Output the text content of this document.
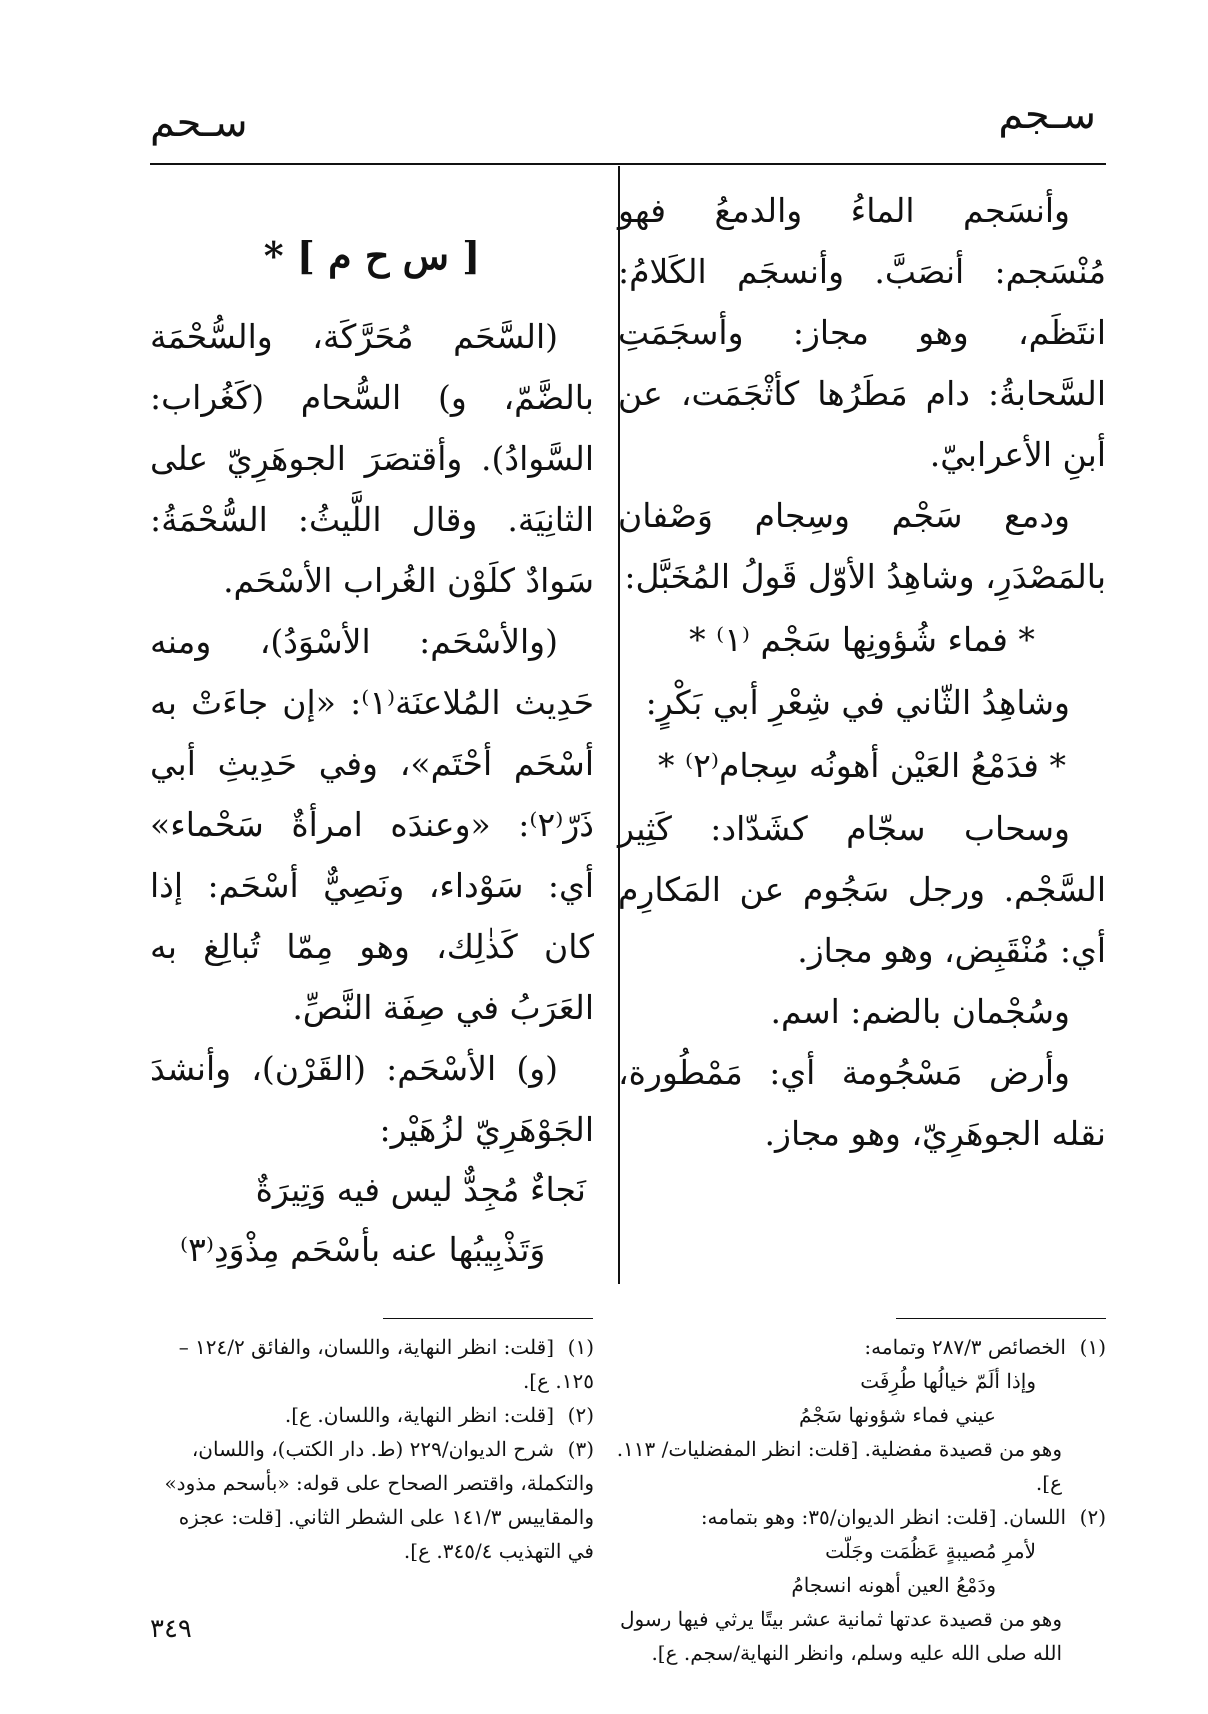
سـجم
سـحم

وأنسَجم الماءُ والدمعُ فهو مُنْسَجم: أنصَبَّ. وأنسجَم الكَلامُ: انتَظَم، وهو مجاز: وأسجَمَتِ السَّحابةُ: دام مَطَرُها كأثْجَمَت، عن أبنِ الأعرابيّ.

ودمع سَجْم وسِجام وَصْفان بالمَصْدَرِ، وشاهِدُ الأوّل قَولُ المُخَبَّل:

* فماء شُؤونِها سَجْم ⁽١⁾ *

وشاهِدُ الثّاني في شِعْرِ أبي بَكْرٍ:

* فدَمْعُ العَيْن أهونُه سِجام⁽٢⁾ *

وسحاب سجّام كشَدّاد: كَثِير السَّجْم. ورجل سَجُوم عن المَكارِم أي: مُنْقَبِض، وهو مجاز.

وسُجْمان بالضم: اسم.

وأرض مَسْجُومة أي: مَمْطُورة، نقله الجوهَرِيّ، وهو مجاز.

[ س ح م ] *

(السَّحَم مُحَرَّكَة، والسُّحْمَة بالضَّمّ، و) السُّحام (كَغُراب: السَّوادُ). وأقتصَرَ الجوهَرِيّ على الثانِيَة. وقال اللَّيثُ: السُّحْمَةُ: سَوادٌ كلَوْن الغُراب الأسْحَم.

(والأسْحَم: الأسْوَدُ)، ومنه حَدِيث المُلاعنَة⁽١⁾: «إن جاءَتْ به أسْحَم أحْتَم»، وفي حَدِيثِ أبي ذَرّ⁽٢⁾: «وعندَه امرأةٌ سَحْماء» أي: سَوْداء، ونَصِيٌّ أسْحَم: إذا كان كَذٰلِك، وهو مِمّا تُبالِغ به العَرَبُ في صِفَة النَّصِّ.

(و) الأسْحَم: (القَرْن)، وأنشدَ الجَوْهَرِيّ لزُهَيْر:

نَجاءٌ مُجِدٌّ ليس فيه وَتِيرَةٌ

وَتَذْبِيبُها عنه بأسْحَم مِذْوَدِ⁽٣⁾

(١)الخصائص ٢٨٧/٣ وتمامه:

وإذا ألَمّ خيالُها طُرِفَت

عيني فماء شؤونها سَجْمُ

وهو من قصيدة مفضلية. [قلت: انظر المفضليات/ ١١٣. ع].

(٢)اللسان. [قلت: انظر الديوان/٣٥: وهو بتمامه:

لأمرِ مُصيبةٍ عَظُمَت وجَلّت

ودَمْعُ العين أهونه انسجامُ

وهو من قصيدة عدتها ثمانية عشر بيتًا يرثي فيها رسول الله صلى الله عليه وسلم، وانظر النهاية/سجم. ع].

(١)[قلت: انظر النهاية، واللسان، والفائق ١٢٤/٢ – ١٢٥. ع].

(٢)[قلت: انظر النهاية، واللسان. ع].

(٣)شرح الديوان/٢٢٩ (ط. دار الكتب)، واللسان، والتكملة، واقتصر الصحاح على قوله: «بأسحم مذود» والمقاييس ١٤١/٣ على الشطر الثاني. [قلت: عجزه في التهذيب ٣٤٥/٤. ع].

٣٤٩
